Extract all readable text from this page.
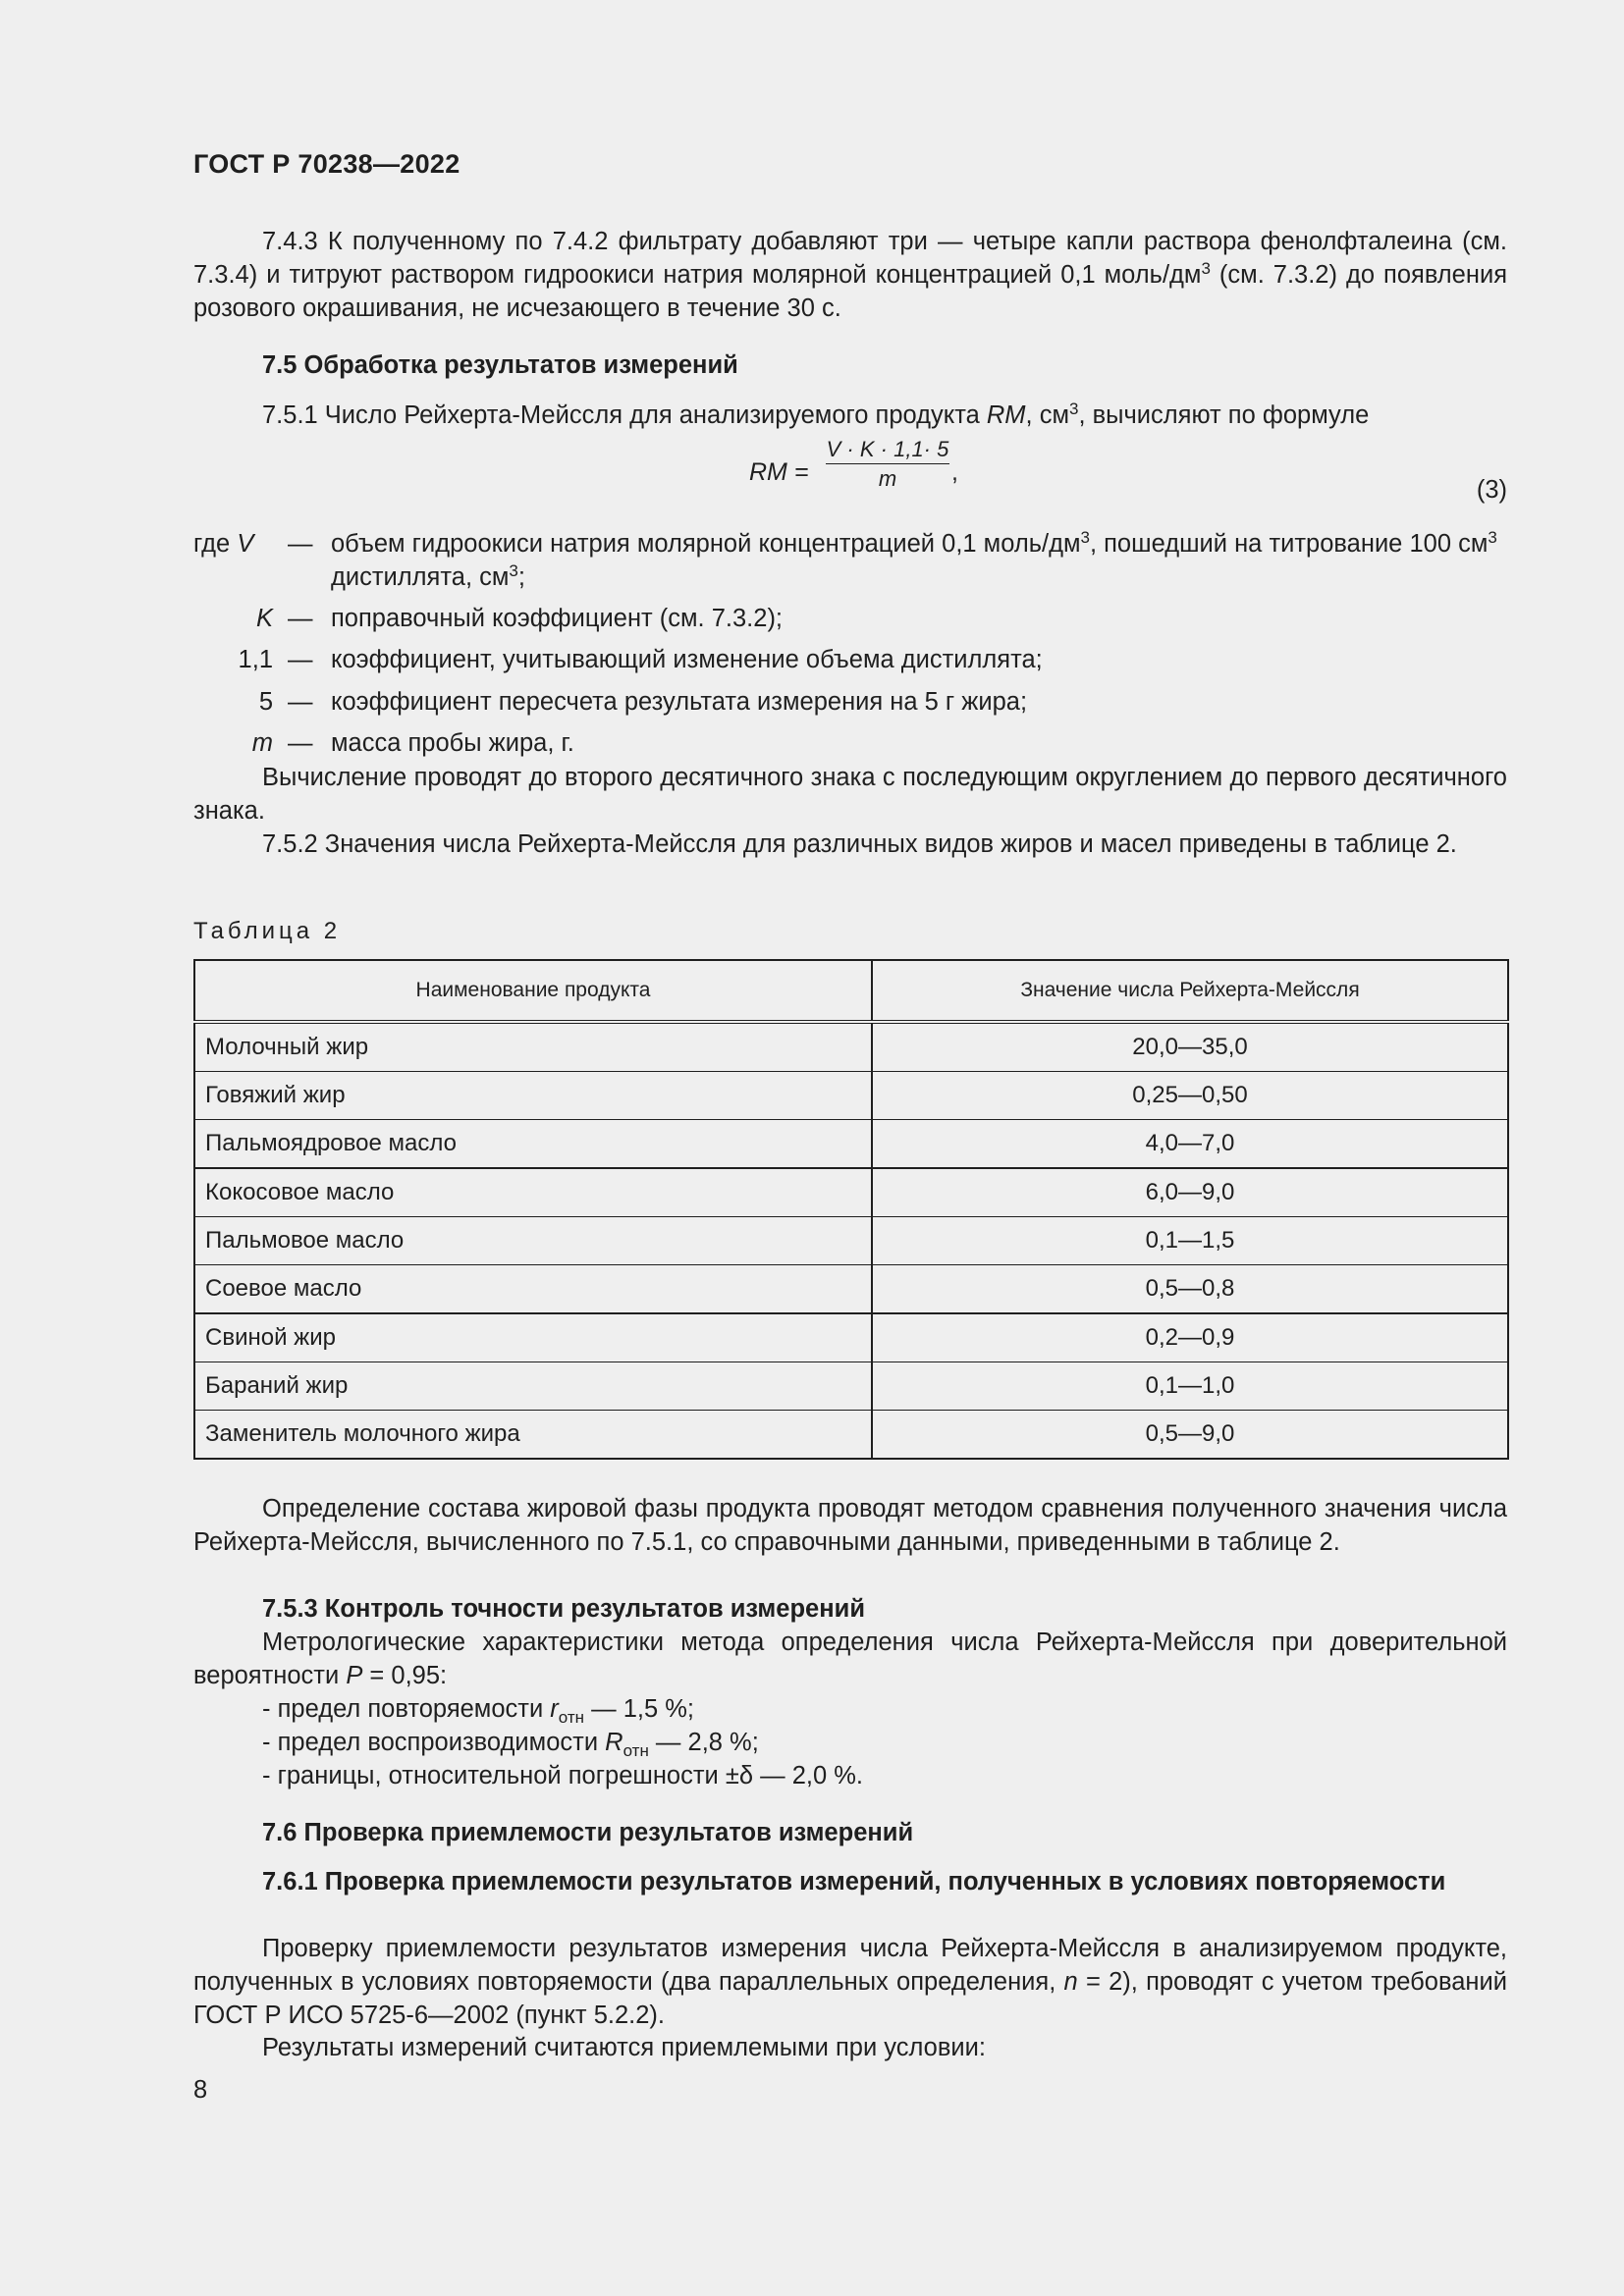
ГОСТ Р 70238—2022

7.4.3 К полученному по 7.4.2 фильтрату добавляют три — четыре капли раствора фенолфталеина (см. 7.3.4) и титруют раствором гидроокиси натрия молярной концентрацией 0,1 моль/$дм^3$ (см. 7.3.2) до появления розового окрашивания, не исчезающего в течение 30 с.

7.5 Обработка результатов измерений

7.5.1 Число Рейхерта-Мейссля для анализируемого продукта RM, $см^3$, вычисляют по формуле

RM = $\frac{V \cdot K \cdot 1,1\cdot 5}{m}$ ,
(3)
где V	— объем гидроокиси натрия молярной концентрацией 0,1 моль/$дм^3$, пошедший на титрование 100 $см^3$ дистиллята, $см^3$;
K — поправочный коэффициент (см. 7.3.2);
1,1 — коэффициент, учитывающий изменение объема дистиллята;
5 — коэффициент пересчета результата измерения на 5 г жира;
m — масса пробы жира, г.

Вычисление проводят до второго десятичного знака с последующим округлением до первого десятичного знака.

7.5.2 Значения числа Рейхерта-Мейссля для различных видов жиров и масел приведены в таблице 2.

Таблица 2

Наименование продукта	Значение числа Рейхерта-Мейссля
Молочный жир	20,0—35,0
Говяжий жир	0,25—0,50
Пальмоядровое масло	4,0—7,0
Кокосовое масло	6,0—9,0
Пальмовое масло	0,1—1,5
Соевое масло	0,5—0,8
Свиной жир	0,2—0,9
Бараний жир	0,1—1,0
Заменитель молочного жира	0,5—9,0

Определение состава жировой фазы продукта проводят методом сравнения полученного значения числа Рейхерта-Мейссля, вычисленного по 7.5.1, со справочными данными, приведенными в таблице 2.

7.5.3 Контроль точности результатов измерений

Метрологические характеристики метода определения числа Рейхерта-Мейссля при доверительной вероятности P = 0,95:

- предел повторяемости $r_{отн}$ — 1,5 %;
- предел воспроизводимости $R_{отн}$ — 2,8 %;
- границы, относительной погрешности ±δ — 2,0 %.

7.6 Проверка приемлемости результатов измерений

7.6.1 Проверка приемлемости результатов измерений, полученных в условиях повторяемости

Проверку приемлемости результатов измерения числа Рейхерта-Мейссля в анализируемом продукте, полученных в условиях повторяемости (два параллельных определения, n = 2), проводят с учетом требований ГОСТ Р ИСО 5725-6—2002 (пункт 5.2.2).

Результаты измерений считаются приемлемыми при условии:

8
